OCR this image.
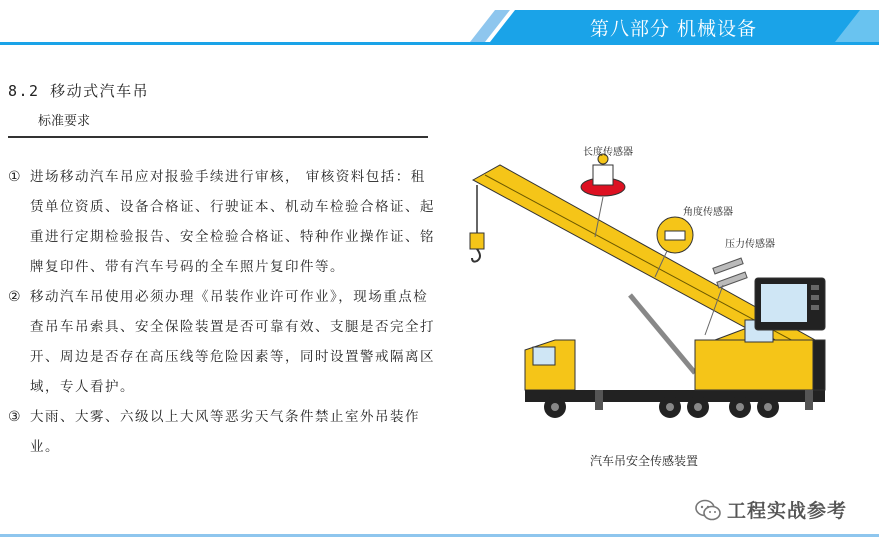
第八部分 机械设备
8.2 移动式汽车吊
标准要求
① 进场移动汽车吊应对报验手续进行审核， 审核资料包括：租赁单位资质、设备合格证、行驶证本、机动车检验合格证、起重进行定期检验报告、安全检验合格证、特种作业操作证、铭牌复印件、带有汽车号码的全车照片复印件等。
② 移动汽车吊使用必须办理《吊装作业许可作业》，现场重点检查吊车吊索具、安全保险装置是否可靠有效、支腿是否完全打开、周边是否存在高压线等危险因素等，同时设置警戒隔离区域，专人看护。
③ 大雨、大雾、六级以上大风等恶劣天气条件禁止室外吊装作业。
长度传感器
角度传感器
压力传感器
汽车吊安全传感装置
工程实战参考
